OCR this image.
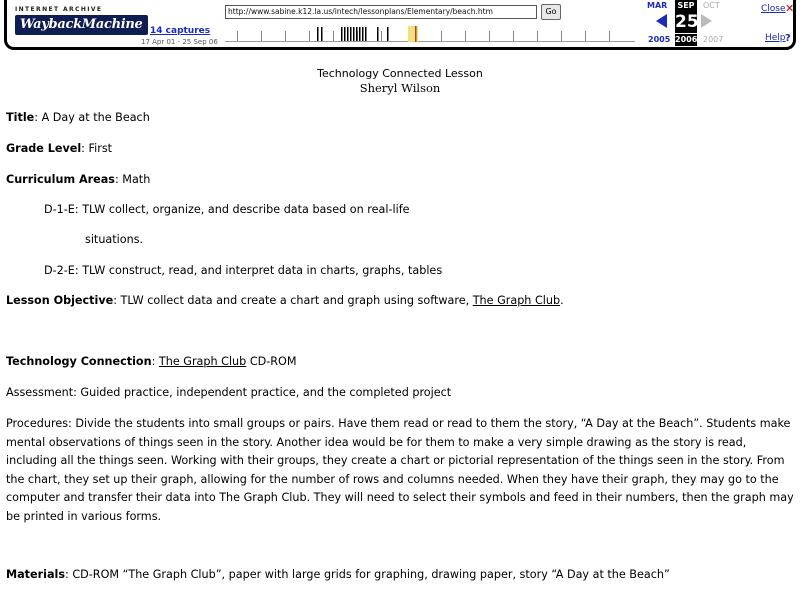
INTERNET ARCHIVE
WaybackMachine 14 captures
17 Apr 01 - 25 Sep 06
http://www.sabine.k12.la.us/intech/lessonplans/Elementary/beach.htm	Go
MAR	SEP	OCT
25
2005 2006 2007
Close ✕
Help ?
Technology Connected Lesson
Sheryl Wilson
Title: A Day at the Beach
Grade Level: First
Curriculum Areas: Math
D-1-E: TLW collect, organize, and describe data based on real-life
situations.
D-2-E: TLW construct, read, and interpret data in charts, graphs, tables
Lesson Objective: TLW collect data and create a chart and graph using software, The Graph Club.
Technology Connection: The Graph Club CD-ROM
Assessment: Guided practice, independent practice, and the completed project
Procedures: Divide the students into small groups or pairs. Have them read or read to them the story, “A Day at the Beach”. Students make mental observations of things seen in the story. Another idea would be for them to make a very simple drawing as the story is read, including all the things seen. Working with their groups, they create a chart or pictorial representation of the things seen in the story. From the chart, they set up their graph, allowing for the number of rows and columns needed. When they have their graph, they may go to the computer and transfer their data into The Graph Club. They will need to select their symbols and feed in their numbers, then the graph may be printed in various forms.
Materials: CD-ROM “The Graph Club”, paper with large grids for graphing, drawing paper, story “A Day at the Beach”
